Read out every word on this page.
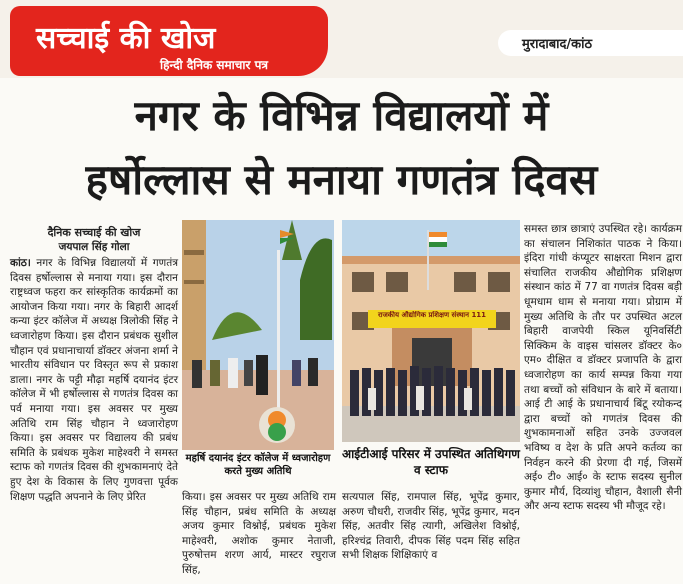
सच्चाई की खोज
हिन्दी दैनिक समाचार पत्र
मुरादाबाद/कांठ
नगर के विभिन्न विद्यालयों में
हर्षोल्लास से मनाया गणतंत्र दिवस
दैनिक सच्चाई की खोज
जयपाल सिंह गोला
कांठ। नगर के विभिन्न विद्यालयों में गणतंत्र दिवस हर्षोल्लास से मनाया गया। इस दौरान राष्ट्रध्वज फहरा कर सांस्कृतिक कार्यक्रमों का आयोजन किया गया। नगर के बिहारी आदर्श कन्या इंटर कॉलेज में अध्यक्ष त्रिलोकी सिंह ने ध्वजारोहण किया। इस दौरान प्रबंधक सुशील चौहान एवं प्रधानाचार्या डॉक्टर अंजना शर्मा ने भारतीय संविधान पर विस्तृत रूप से प्रकाश डाला। नगर के पट्टी मौढ़ा महर्षि दयानंद इंटर कॉलेज में भी हर्षोल्लास से गणतंत्र दिवस का पर्व मनाया गया। इस अवसर पर मुख्य अतिथि राम सिंह चौहान ने ध्वजारोहण किया। इस अवसर पर विद्यालय की प्रबंध समिति के प्रबंधक मुकेश माहेश्वरी ने समस्त स्टाफ को गणतंत्र दिवस की शुभकामनाएं देते हुए देश के विकास के लिए गुणवत्ता पूर्वक शिक्षण पद्धति अपनाने के लिए प्रेरित
महर्षि दयानंद इंटर कॉलेज में ध्वजारोहण करते मुख्य अतिथि
किया। इस अवसर पर मुख्य अतिथि राम सिंह चौहान, प्रबंध समिति के अध्यक्ष अजय कुमार विश्नोई, प्रबंधक मुकेश माहेश्वरी, अशोक कुमार नेताजी, पुरुषोत्तम शरण आर्य, मास्टर रघुराज सिंह,
राजकीय औद्योगिक प्रशिक्षण संस्थान 111
आईटीआई परिसर में उपस्थित अतिथिगण व स्टाफ
सत्यपाल सिंह, रामपाल सिंह, भूपेंद्र कुमार, अरुण चौधरी, राजवीर सिंह, भूपेंद्र कुमार, मदन सिंह, अतवीर सिंह त्यागी, अखिलेश विश्नोई, हरिश्चंद्र तिवारी, दीपक सिंह पदम सिंह सहित सभी शिक्षक शिक्षिकाएं व
समस्त छात्र छात्राएं उपस्थित रहे। कार्यक्रम का संचालन निशिकांत पाठक ने किया। इंदिरा गांधी कंप्यूटर साक्षरता मिशन द्वारा संचालित राजकीय औद्योगिक प्रशिक्षण संस्थान कांठ में 77 वा गणतंत्र दिवस बड़ी धूमधाम धाम से मनाया गया। प्रोग्राम में मुख्य अतिथि के तौर पर उपस्थित अटल बिहारी वाजपेयी स्किल यूनिवर्सिटी सिक्किम के वाइस चांसलर डॉक्टर के० एम० दीक्षित व डॉक्टर प्रजापति के द्वारा ध्वजारोहण का कार्य सम्पन्न किया गया तथा बच्चों को संविधान के बारे में बताया। आई टी आई के प्रधानाचार्य बिंटू रयोकन्द द्वारा बच्चों को गणतंत्र दिवस की शुभकामनाओं सहित उनके उज्जवल भविष्य व देश के प्रति अपने कर्तव्य का निर्वहन करने की प्रेरणा दी गई, जिसमें अई० टी० आई० के स्टाफ सदस्य सुनील कुमार मौर्य, दिव्यांशु चौहान, वैशाली सैनी और अन्य स्टाफ सदस्य भी मौजूद रहे।
